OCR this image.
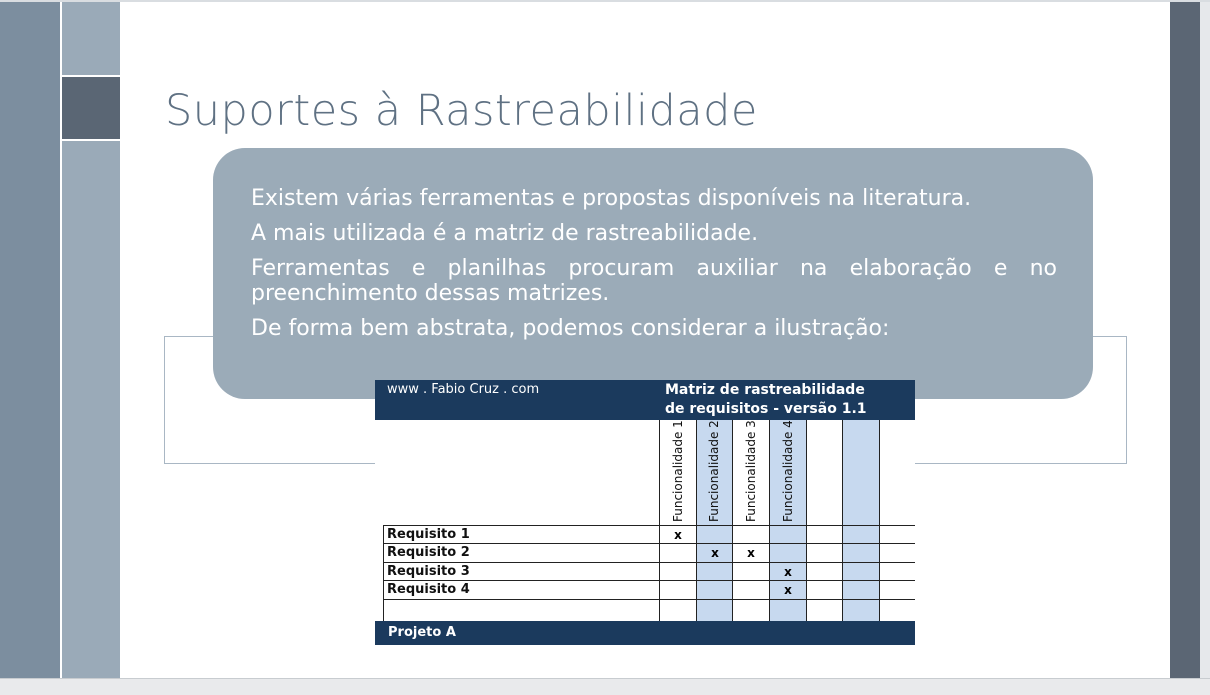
Suportes à Rastreabilidade

Existem várias ferramentas e propostas disponíveis na literatura.

A mais utilizada é a matriz de rastreabilidade.

Ferramentas e planilhas procuram auxiliar na elaboração e no

preenchimento dessas matrizes.

De forma bem abstrata, podemos considerar a ilustração:

www . Fabio Cruz . com	Matriz de rastreabilidade
de requisitos - versão 1.1
Funcionalidade 1 Funcionalidade 2 Funcionalidade 3 Funcionalidade 4
Requisito 1
Requisito 2
Requisito 3
Requisito 4
x
x	x
x
x
Projeto A
